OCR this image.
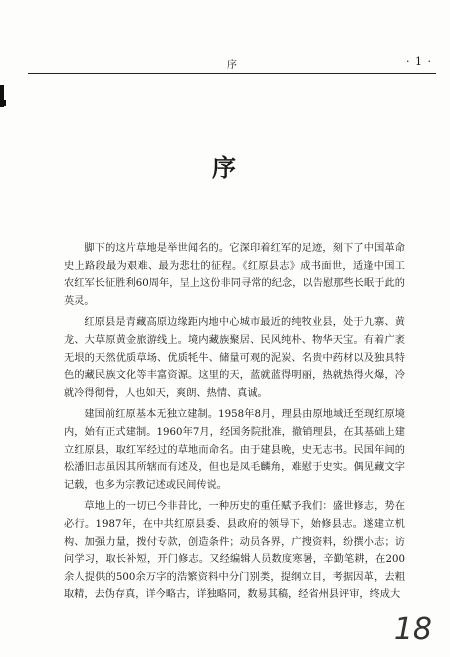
序	· 1 ·
序

脚下的这片草地是举世闻名的。它深印着红军的足迹，刻下了中国革命史上路段最为艰难、最为悲壮的征程。《红原县志》成书面世，适逢中国工农红军长征胜利60周年，呈上这份非同寻常的纪念，以告慰那些长眠于此的英灵。

红原县是青藏高原边缘距内地中心城市最近的纯牧业县，处于九寨、黄龙、大草原黄金旅游线上。境内藏族聚居、民风纯朴、物华天宝。有着广袤无垠的天然优质草场、优质牦牛、储量可观的泥炭、名贵中药材以及独具特色的藏民族文化等丰富资源。这里的天，蓝就蓝得明丽，热就热得火爆，冷就冷得彻骨，人也如天，爽朗、热情、真诚。

建国前红原基本无独立建制。1958年8月，理县由原地域迁至现红原境内，始有正式建制。1960年7月，经国务院批准，撤销理县，在其基础上建立红原县，取红军经过的草地而命名。由于建县晚，史无志书。民国年间的松潘旧志虽因其所辖而有述及，但也是凤毛麟角，难慰于史实。偶见藏文字记载，也多为宗教记述或民间传说。

草地上的一切已今非昔比，一种历史的重任赋予我们：盛世修志，势在必行。1987年，在中共红原县委、县政府的领导下，始修县志。遂建立机构、加强力量，拨付专款，创造条件；动员各界，广搜资料，纷撰小志；访问学习，取长补短，开门修志。又经编辑人员数度寒暑，辛勤笔耕，在200余人提供的500余万字的浩繁资料中分门别类，提纲立目，考据因革，去粗取精，去伪存真，详今略古，详独略同，数易其稿，经省州县评审，终成大

18
